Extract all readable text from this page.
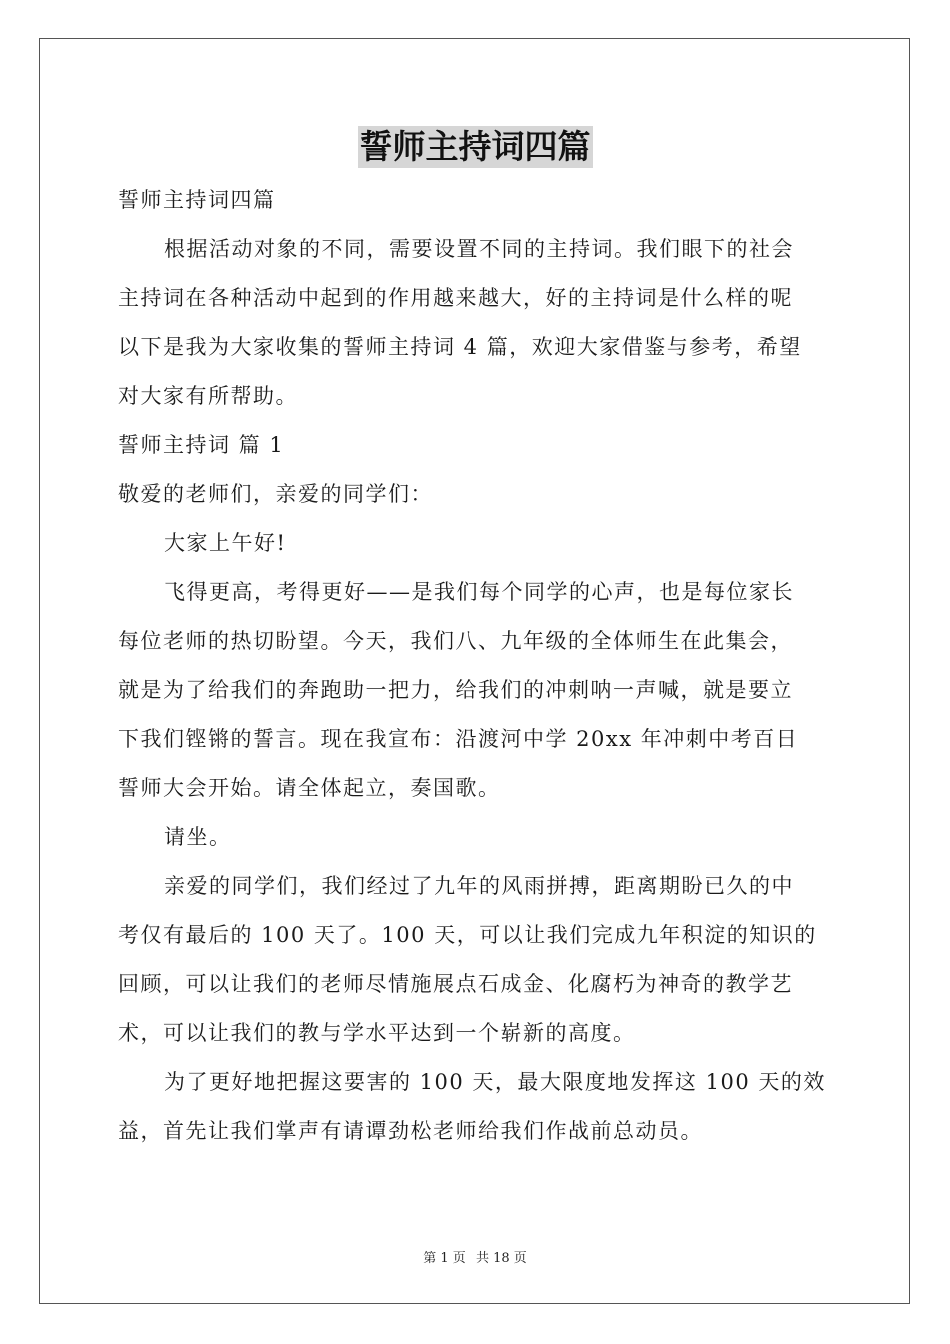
誓师主持词四篇
誓师主持词四篇
根据活动对象的不同，需要设置不同的主持词。我们眼下的社会
主持词在各种活动中起到的作用越来越大，好的主持词是什么样的呢
以下是我为大家收集的誓师主持词 4 篇，欢迎大家借鉴与参考，希望
对大家有所帮助。
誓师主持词 篇 1
敬爱的老师们，亲爱的同学们：
大家上午好!
飞得更高，考得更好——是我们每个同学的心声，也是每位家长
每位老师的热切盼望。今天，我们八、九年级的全体师生在此集会，
就是为了给我们的奔跑助一把力，给我们的冲刺呐一声喊，就是要立
下我们铿锵的誓言。现在我宣布：沿渡河中学 20xx 年冲刺中考百日
誓师大会开始。请全体起立，奏国歌。
请坐。
亲爱的同学们，我们经过了九年的风雨拼搏，距离期盼已久的中
考仅有最后的 100 天了。100 天，可以让我们完成九年积淀的知识的
回顾，可以让我们的老师尽情施展点石成金、化腐朽为神奇的教学艺
术，可以让我们的教与学水平达到一个崭新的高度。
为了更好地把握这要害的 100 天，最大限度地发挥这 100 天的效
益，首先让我们掌声有请谭劲松老师给我们作战前总动员。
第 1 页 共 18 页
